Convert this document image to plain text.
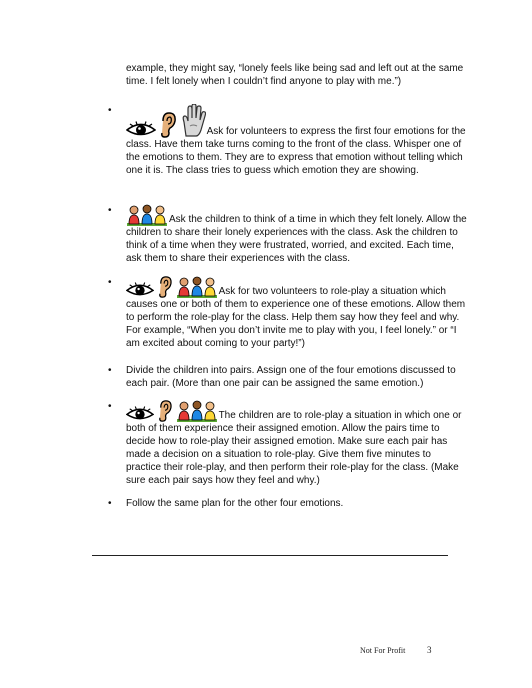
example, they might say, “lonely feels like being sad and left out at the same time. I felt lonely when I couldn’t find anyone to play with me.”)
•
Ask for volunteers to express the first four emotions for the class. Have them take turns coming to the front of the class. Whisper one of the emotions to them. They are to express that emotion without telling which one it is. The class tries to guess which emotion they are showing.
•
Ask the children to think of a time in which they felt lonely. Allow the children to share their lonely experiences with the class. Ask the children to think of a time when they were frustrated, worried, and excited. Each time, ask them to share their experiences with the class.
•
Ask for two volunteers to role-play a situation which causes one or both of them to experience one of these emotions. Allow them to perform the role-play for the class. Help them say how they feel and why. For example, “When you don’t invite me to play with you, I feel lonely.” or “I am excited about coming to your party!”)
•	Divide the children into pairs. Assign one of the four emotions discussed to each pair. (More than one pair can be assigned the same emotion.)
•
The children are to role-play a situation in which one or both of them experience their assigned emotion. Allow the pairs time to decide how to role-play their assigned emotion. Make sure each pair has made a decision on a situation to role-play. Give them five minutes to practice their role-play, and then perform their role-play for the class. (Make sure each pair says how they feel and why.)
•	Follow the same plan for the other four emotions.
Not For Profit 3
